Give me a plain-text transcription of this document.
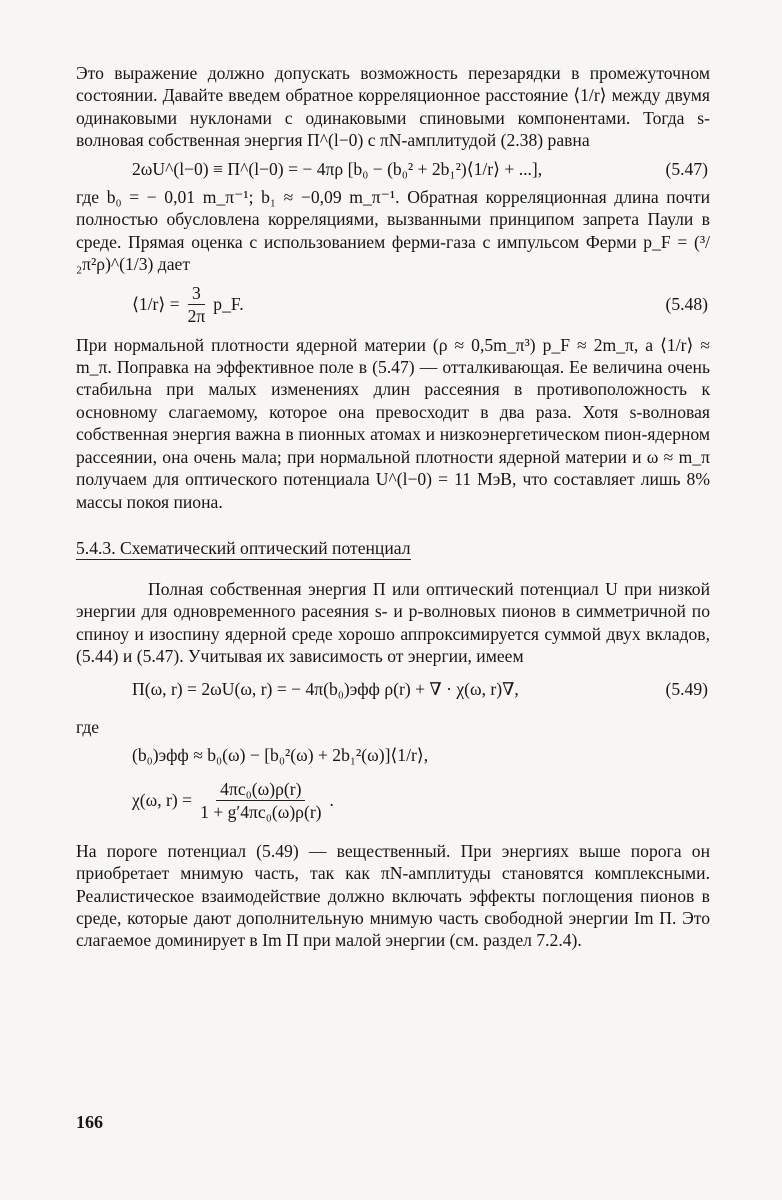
Это выражение должно допускать возможность перезарядки в промежуточном состоянии. Давайте введем обратное корреляционное расстояние ⟨1/r⟩ между двумя одинаковыми нуклонами с одинаковыми спиновыми компонентами. Тогда s-волновая собственная энергия Π^(l−0) с πN-амплитудой (2.38) равна

2ωU^(l−0) ≡ Π^(l−0) = − 4πρ [b₀ − (b₀² + 2b₁²)⟨1/r⟩ + ...],	(5.47)

где b₀ = − 0,01 m_π⁻¹; b₁ ≈ −0,09 m_π⁻¹. Обратная корреляционная длина почти полностью обусловлена корреляциями, вызванными принципом запрета Паули в среде. Прямая оценка с использованием ферми-газа с импульсом Ферми p_F = (³/₂π²ρ)^(1/3) дает

⟨1/r⟩ = $\frac{3}{2\pi}$ p_F.	(5.48)

При нормальной плотности ядерной материи (ρ ≈ 0,5m_π³) p_F ≈ 2m_π, а ⟨1/r⟩ ≈ m_π. Поправка на эффективное поле в (5.47) — отталкивающая. Ее величина очень стабильна при малых изменениях длин рассеяния в противоположность к основному слагаемому, которое она превосходит в два раза. Хотя s-волновая собственная энергия важна в пионных атомах и низкоэнергетическом пион-ядерном рассеянии, она очень мала; при нормальной плотности ядерной материи и ω ≈ m_π получаем для оптического потенциала U^(l−0) = 11 МэВ, что составляет лишь 8% массы покоя пиона.

5.4.3. Схематический оптический потенциал

Полная собственная энергия Π или оптический потенциал U при низкой энергии для одновременного расеяния s- и p-волновых пионов в симметричной по спиноу и изоспину ядерной среде хорошо аппроксимируется суммой двух вкладов, (5.44) и (5.47). Учитывая их зависимость от энергии, имеем

Π(ω, r) = 2ωU(ω, r) = − 4π(b₀)эфф ρ(r) + ∇ · χ(ω, r)∇,	(5.49)

где

(b₀)эфф ≈ b₀(ω) − [b₀²(ω) + 2b₁²(ω)]⟨1/r⟩,
χ(ω, $r) = \frac{\text{4πc₀(ω)ρ(r)}}{\text{1 + g′4πc₀(ω)ρ(r)}}$ .

На пороге потенциал (5.49) — вещественный. При энергиях выше порога он приобретает мнимую часть, так как πN-амплитуды становятся комплексными. Реалистическое взаимодействие должно включать эффекты поглощения пионов в среде, которые дают дополнительную мнимую часть свободной энергии Im Π. Это слагаемое доминирует в Im Π при малой энергии (см. раздел 7.2.4).

166
